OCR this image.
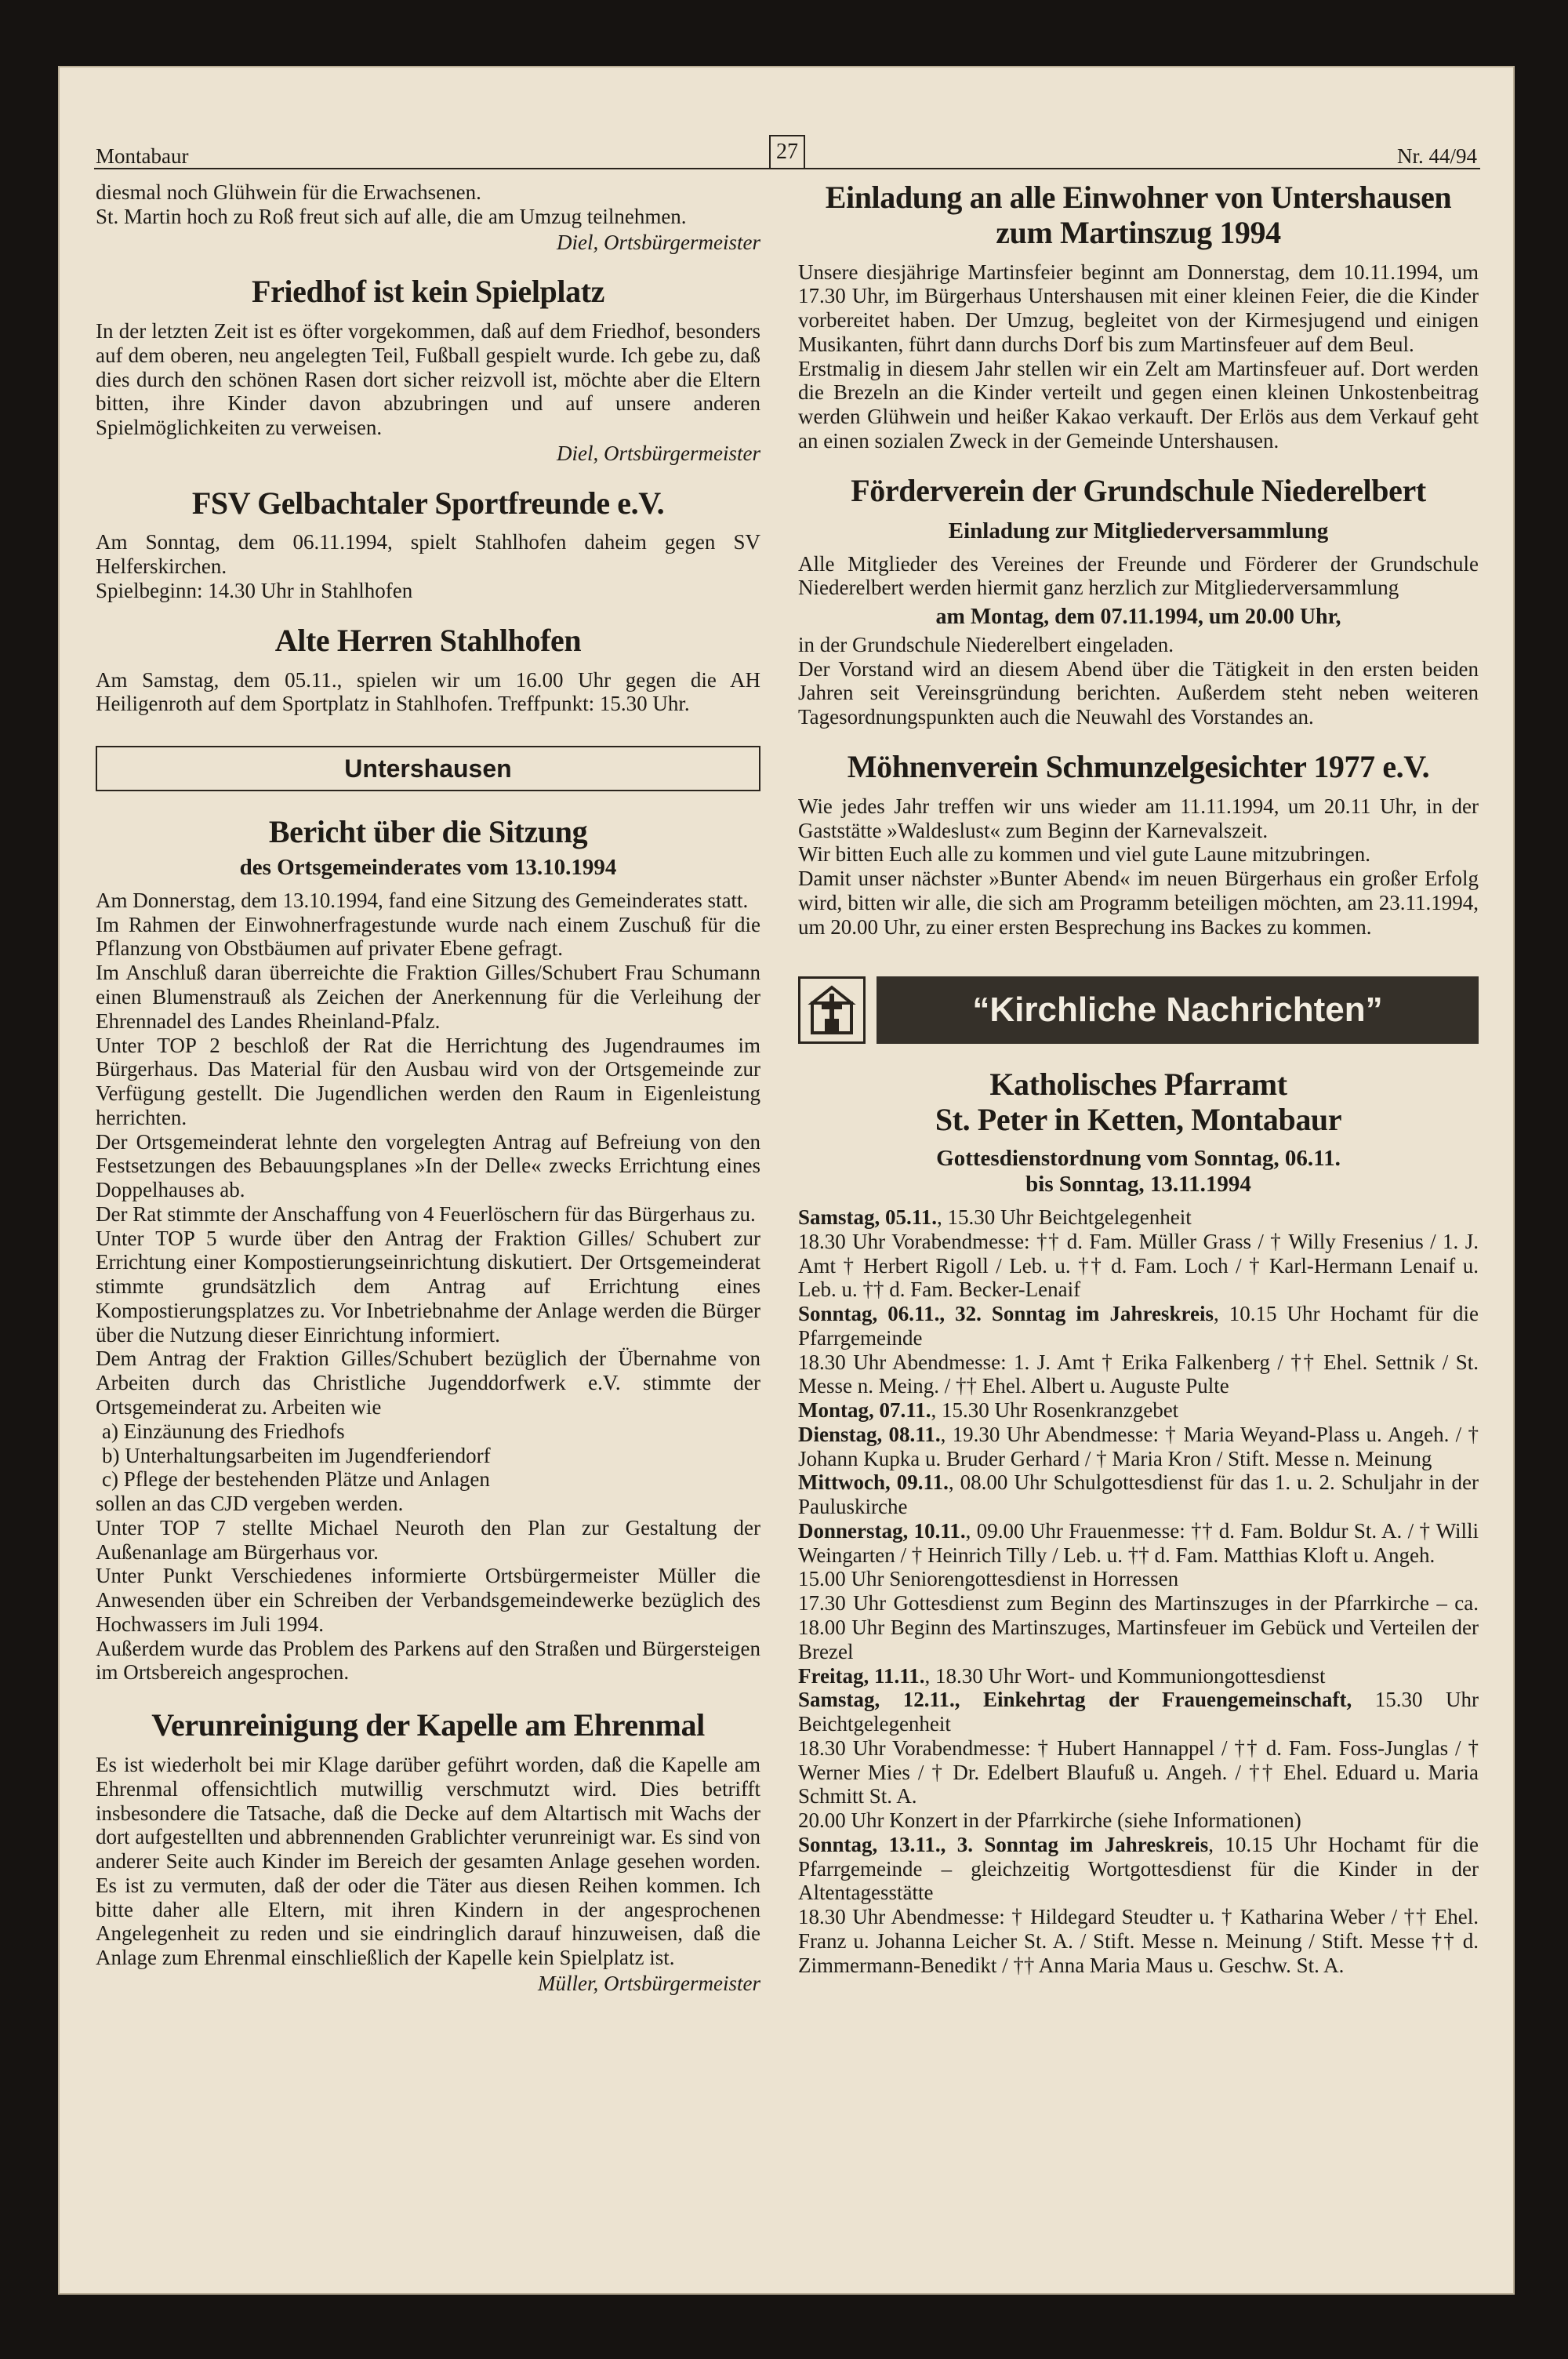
Montabaur	27	Nr. 44/94

diesmal noch Glühwein für die Erwachsenen.

St. Martin hoch zu Roß freut sich auf alle, die am Umzug teilnehmen.

Diel, Ortsbürgermeister

Friedhof ist kein Spielplatz

In der letzten Zeit ist es öfter vorgekommen, daß auf dem Friedhof, besonders auf dem oberen, neu angelegten Teil, Fußball gespielt wurde. Ich gebe zu, daß dies durch den schönen Rasen dort sicher reizvoll ist, möchte aber die Eltern bitten, ihre Kinder davon abzubringen und auf unsere anderen Spielmöglichkeiten zu verweisen.

Diel, Ortsbürgermeister

FSV Gelbachtaler Sportfreunde e.V.

Am Sonntag, dem 06.11.1994, spielt Stahlhofen daheim gegen SV Helferskirchen.

Spielbeginn: 14.30 Uhr in Stahlhofen

Alte Herren Stahlhofen

Am Samstag, dem 05.11., spielen wir um 16.00 Uhr gegen die AH Heiligenroth auf dem Sportplatz in Stahlhofen. Treffpunkt: 15.30 Uhr.

Untershausen
Bericht über die Sitzung
des Ortsgemeinderates vom 13.10.1994

Am Donnerstag, dem 13.10.1994, fand eine Sitzung des Gemeinderates statt.

Im Rahmen der Einwohnerfragestunde wurde nach einem Zuschuß für die Pflanzung von Obstbäumen auf privater Ebene gefragt.

Im Anschluß daran überreichte die Fraktion Gilles/Schubert Frau Schumann einen Blumenstrauß als Zeichen der Anerkennung für die Verleihung der Ehrennadel des Landes Rheinland-Pfalz.

Unter TOP 2 beschloß der Rat die Herrichtung des Jugendraumes im Bürgerhaus. Das Material für den Ausbau wird von der Ortsgemeinde zur Verfügung gestellt. Die Jugendlichen werden den Raum in Eigenleistung herrichten.

Der Ortsgemeinderat lehnte den vorgelegten Antrag auf Befreiung von den Festsetzungen des Bebauungsplanes »In der Delle« zwecks Errichtung eines Doppelhauses ab.

Der Rat stimmte der Anschaffung von 4 Feuerlöschern für das Bürgerhaus zu.

Unter TOP 5 wurde über den Antrag der Fraktion Gilles/ Schubert zur Errichtung einer Kompostierungseinrichtung diskutiert. Der Ortsgemeinderat stimmte grundsätzlich dem Antrag auf Errichtung eines Kompostierungsplatzes zu. Vor Inbetriebnahme der Anlage werden die Bürger über die Nutzung dieser Einrichtung informiert.

Dem Antrag der Fraktion Gilles/Schubert bezüglich der Übernahme von Arbeiten durch das Christliche Jugenddorfwerk e.V. stimmte der Ortsgemeinderat zu. Arbeiten wie

a) Einzäunung des Friedhofs

b) Unterhaltungsarbeiten im Jugendferiendorf

c) Pflege der bestehenden Plätze und Anlagen

sollen an das CJD vergeben werden.

Unter TOP 7 stellte Michael Neuroth den Plan zur Gestaltung der Außenanlage am Bürgerhaus vor.

Unter Punkt Verschiedenes informierte Ortsbürgermeister Müller die Anwesenden über ein Schreiben der Verbandsgemeindewerke bezüglich des Hochwassers im Juli 1994.

Außerdem wurde das Problem des Parkens auf den Straßen und Bürgersteigen im Ortsbereich angesprochen.

Verunreinigung der Kapelle am Ehrenmal

Es ist wiederholt bei mir Klage darüber geführt worden, daß die Kapelle am Ehrenmal offensichtlich mutwillig verschmutzt wird. Dies betrifft insbesondere die Tatsache, daß die Decke auf dem Altartisch mit Wachs der dort aufgestellten und abbrennenden Grablichter verunreinigt war. Es sind von anderer Seite auch Kinder im Bereich der gesamten Anlage gesehen worden. Es ist zu vermuten, daß der oder die Täter aus diesen Reihen kommen. Ich bitte daher alle Eltern, mit ihren Kindern in der angesprochenen Angelegenheit zu reden und sie eindringlich darauf hinzuweisen, daß die Anlage zum Ehrenmal einschließlich der Kapelle kein Spielplatz ist.

Müller, Ortsbürgermeister

Einladung an alle Einwohner von Untershausen zum Martinszug 1994

Unsere diesjährige Martinsfeier beginnt am Donnerstag, dem 10.11.1994, um 17.30 Uhr, im Bürgerhaus Untershausen mit einer kleinen Feier, die die Kinder vorbereitet haben. Der Umzug, begleitet von der Kirmesjugend und einigen Musikanten, führt dann durchs Dorf bis zum Martinsfeuer auf dem Beul.

Erstmalig in diesem Jahr stellen wir ein Zelt am Martinsfeuer auf. Dort werden die Brezeln an die Kinder verteilt und gegen einen kleinen Unkostenbeitrag werden Glühwein und heißer Kakao verkauft. Der Erlös aus dem Verkauf geht an einen sozialen Zweck in der Gemeinde Untershausen.

Förderverein der Grundschule Niederelbert
Einladung zur Mitgliederversammlung

Alle Mitglieder des Vereines der Freunde und Förderer der Grundschule Niederelbert werden hiermit ganz herzlich zur Mitgliederversammlung

am Montag, dem 07.11.1994, um 20.00 Uhr,

in der Grundschule Niederelbert eingeladen.

Der Vorstand wird an diesem Abend über die Tätigkeit in den ersten beiden Jahren seit Vereinsgründung berichten. Außerdem steht neben weiteren Tagesordnungspunkten auch die Neuwahl des Vorstandes an.

Möhnenverein Schmunzelgesichter 1977 e.V.

Wie jedes Jahr treffen wir uns wieder am 11.11.1994, um 20.11 Uhr, in der Gaststätte »Waldeslust« zum Beginn der Karnevalszeit.

Wir bitten Euch alle zu kommen und viel gute Laune mitzubringen.

Damit unser nächster »Bunter Abend« im neuen Bürgerhaus ein großer Erfolg wird, bitten wir alle, die sich am Programm beteiligen möchten, am 23.11.1994, um 20.00 Uhr, zu einer ersten Besprechung ins Backes zu kommen.

“Kirchliche Nachrichten”
Katholisches Pfarramt
St. Peter in Ketten, Montabaur
Gottesdienstordnung vom Sonntag, 06.11.
bis Sonntag, 13.11.1994

Samstag, 05.11., 15.30 Uhr Beichtgelegenheit

18.30 Uhr Vorabendmesse: †† d. Fam. Müller Grass / † Willy Fresenius / 1. J. Amt † Herbert Rigoll / Leb. u. †† d. Fam. Loch / † Karl-Hermann Lenaif u. Leb. u. †† d. Fam. Becker-Lenaif

Sonntag, 06.11., 32. Sonntag im Jahreskreis, 10.15 Uhr Hochamt für die Pfarrgemeinde

18.30 Uhr Abendmesse: 1. J. Amt † Erika Falkenberg / †† Ehel. Settnik / St. Messe n. Meing. / †† Ehel. Albert u. Auguste Pulte

Montag, 07.11., 15.30 Uhr Rosenkranzgebet

Dienstag, 08.11., 19.30 Uhr Abendmesse: † Maria Weyand-Plass u. Angeh. / † Johann Kupka u. Bruder Gerhard / † Maria Kron / Stift. Messe n. Meinung

Mittwoch, 09.11., 08.00 Uhr Schulgottesdienst für das 1. u. 2. Schuljahr in der Pauluskirche

Donnerstag, 10.11., 09.00 Uhr Frauenmesse: †† d. Fam. Boldur St. A. / † Willi Weingarten / † Heinrich Tilly / Leb. u. †† d. Fam. Matthias Kloft u. Angeh.

15.00 Uhr Seniorengottesdienst in Horressen

17.30 Uhr Gottesdienst zum Beginn des Martinszuges in der Pfarrkirche – ca. 18.00 Uhr Beginn des Martinszuges, Martinsfeuer im Gebück und Verteilen der Brezel

Freitag, 11.11., 18.30 Uhr Wort- und Kommuniongottesdienst

Samstag, 12.11., Einkehrtag der Frauengemeinschaft, 15.30 Uhr Beichtgelegenheit

18.30 Uhr Vorabendmesse: † Hubert Hannappel / †† d. Fam. Foss-Junglas / † Werner Mies / † Dr. Edelbert Blaufuß u. Angeh. / †† Ehel. Eduard u. Maria Schmitt St. A.

20.00 Uhr Konzert in der Pfarrkirche (siehe Informationen)

Sonntag, 13.11., 3. Sonntag im Jahreskreis, 10.15 Uhr Hochamt für die Pfarrgemeinde – gleichzeitig Wortgottesdienst für die Kinder in der Altentagesstätte

18.30 Uhr Abendmesse: † Hildegard Steudter u. † Katharina Weber / †† Ehel. Franz u. Johanna Leicher St. A. / Stift. Messe n. Meinung / Stift. Messe †† d. Zimmermann-Benedikt / †† Anna Maria Maus u. Geschw. St. A.
